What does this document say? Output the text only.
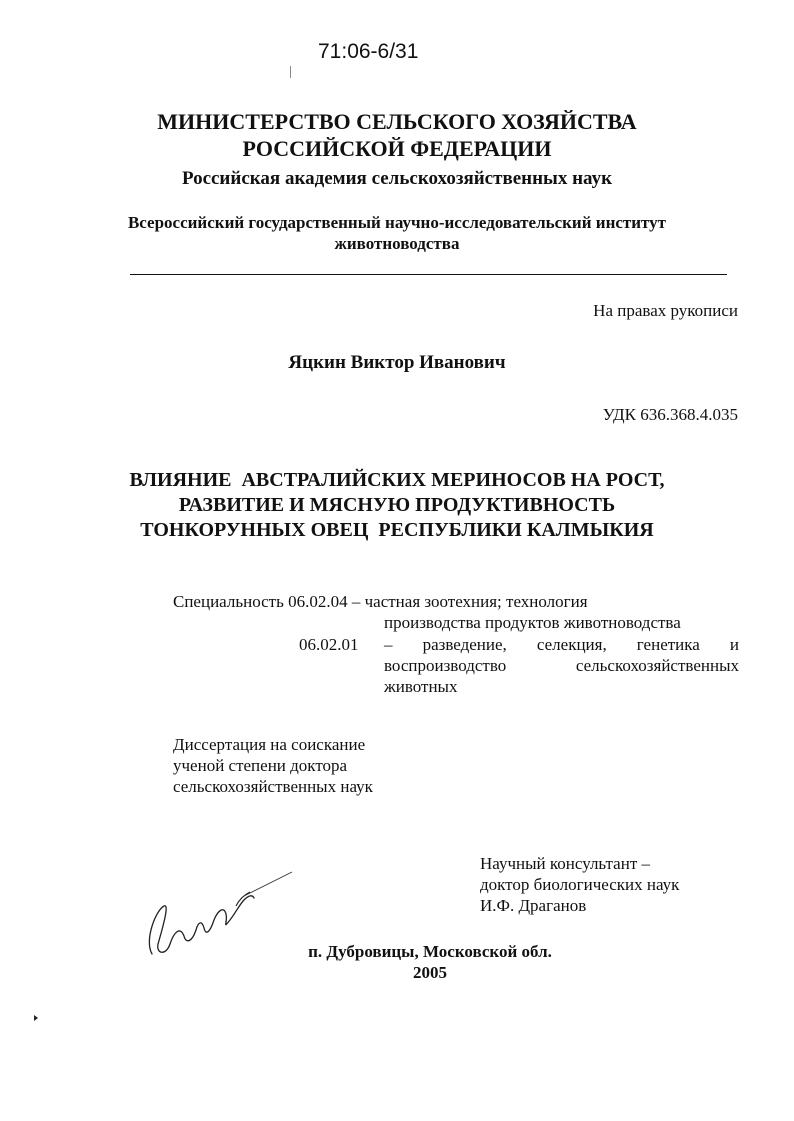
71:06-6/31
МИНИСТЕРСТВО СЕЛЬСКОГО ХОЗЯЙСТВА
РОССИЙСКОЙ ФЕДЕРАЦИИ
Российская академия сельскохозяйственных наук
Всероссийский государственный научно-исследовательский институт
животноводства
На правах рукописи
Яцкин Виктор Иванович
УДК 636.368.4.035
ВЛИЯНИЕ  АВСТРАЛИЙСКИХ МЕРИНОСОВ НА РОСТ,
РАЗВИТИЕ И МЯСНУЮ ПРОДУКТИВНОСТЬ
ТОНКОРУННЫХ ОВЕЦ  РЕСПУБЛИКИ КАЛМЫКИЯ
Специальность 06.02.04 – частная зоотехния; технология
производства продуктов животноводства
06.02.01 – разведение, селекция, генетика и воспроизводство сельскохозяйственных животных
Диссертация на соискание
ученой степени доктора
сельскохозяйственных наук
Научный консультант –
доктор биологических наук
И.Ф. Драганов
п. Дубровицы, Московской обл.
2005
